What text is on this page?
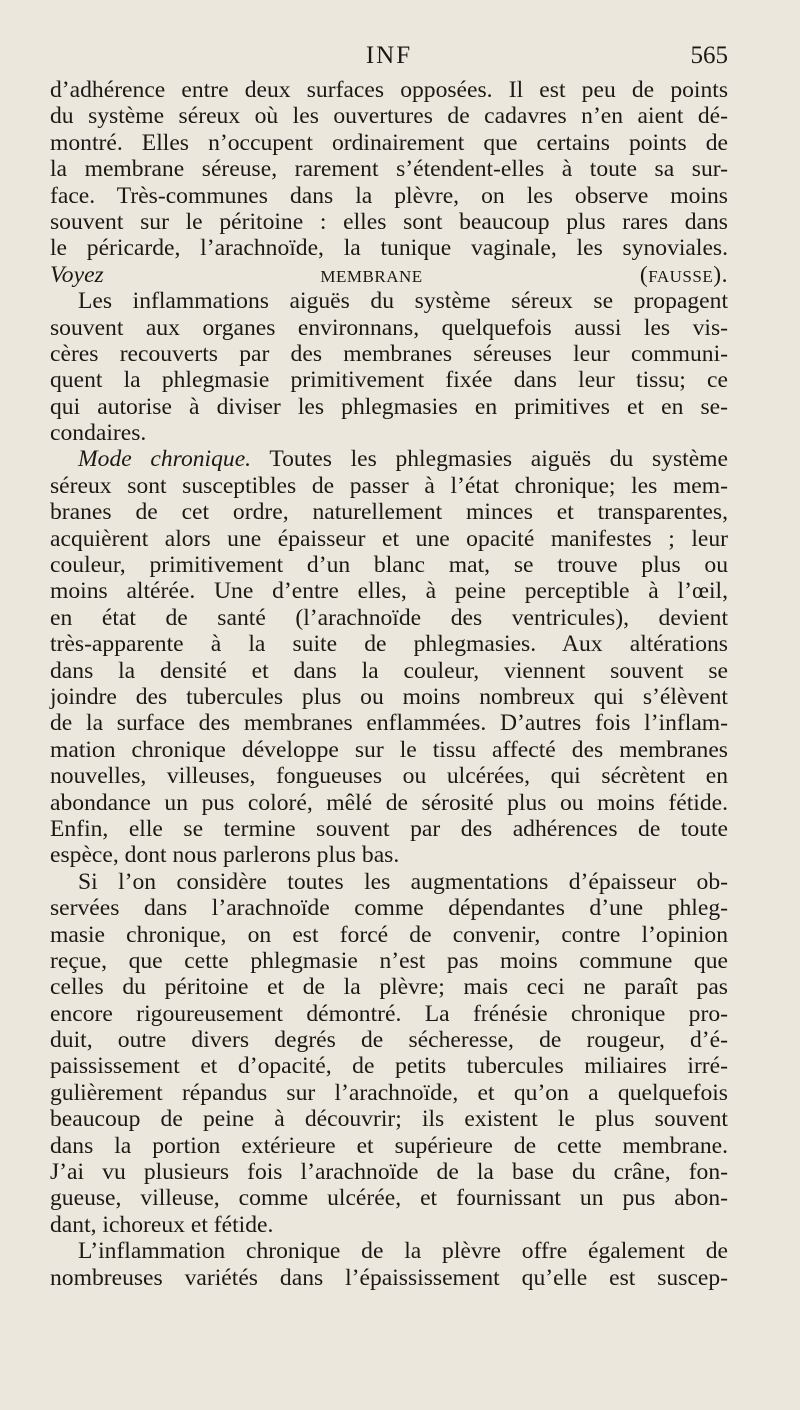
INF	565
d’adhérence entre deux surfaces opposées. Il est peu de points
du système séreux où les ouvertures de cadavres n’en aient dé-
montré. Elles n’occupent ordinairement que certains points de
la membrane séreuse, rarement s’étendent-elles à toute sa sur-
face. Très-communes dans la plèvre, on les observe moins
souvent sur le péritoine : elles sont beaucoup plus rares dans
le péricarde, l’arachnoïde, la tunique vaginale, les synoviales.
Voyez	membrane (fausse).
Les inflammations aiguës du système séreux se propagent
souvent aux organes environnans, quelquefois aussi les vis-
cères recouverts par des membranes séreuses leur communi-
quent la phlegmasie primitivement fixée dans leur tissu; ce
qui autorise à diviser les phlegmasies en primitives et en se-
condaires.
Mode chronique. Toutes les phlegmasies aiguës du système
séreux sont susceptibles de passer à l’état chronique; les mem-
branes de cet ordre, naturellement minces et transparentes,
acquièrent alors une épaisseur et une opacité manifestes ; leur
couleur, primitivement d’un blanc mat, se trouve plus ou
moins altérée. Une d’entre elles, à peine perceptible à l’œil,
en état de santé (l’arachnoïde des ventricules), devient
très-apparente à la suite de phlegmasies. Aux altérations
dans la densité et dans la couleur, viennent souvent se
joindre des tubercules plus ou moins nombreux qui s’élèvent
de la surface des membranes enflammées. D’autres fois l’inflam-
mation chronique développe sur le tissu affecté des membranes
nouvelles, villeuses, fongueuses ou ulcérées, qui sécrètent en
abondance un pus coloré, mêlé de sérosité plus ou moins fétide.
Enfin, elle se termine souvent par des adhérences de toute
espèce, dont nous parlerons plus bas.
Si l’on considère toutes les augmentations d’épaisseur ob-
servées dans l’arachnoïde comme dépendantes d’une phleg-
masie chronique, on est forcé de convenir, contre l’opinion
reçue, que cette phlegmasie n’est pas moins commune que
celles du péritoine et de la plèvre; mais ceci ne paraît pas
encore rigoureusement démontré. La frénésie chronique pro-
duit, outre divers degrés de sécheresse, de rougeur, d’é-
paississement et d’opacité, de petits tubercules miliaires irré-
gulièrement répandus sur l’arachnoïde, et qu’on a quelquefois
beaucoup de peine à découvrir; ils existent le plus souvent
dans la portion extérieure et supérieure de cette membrane.
J’ai vu plusieurs fois l’arachnoïde de la base du crâne, fon-
gueuse, villeuse, comme ulcérée, et fournissant un pus abon-
dant, ichoreux et fétide.
L’inflammation chronique de la plèvre offre également de
nombreuses variétés dans l’épaississement qu’elle est suscep-
